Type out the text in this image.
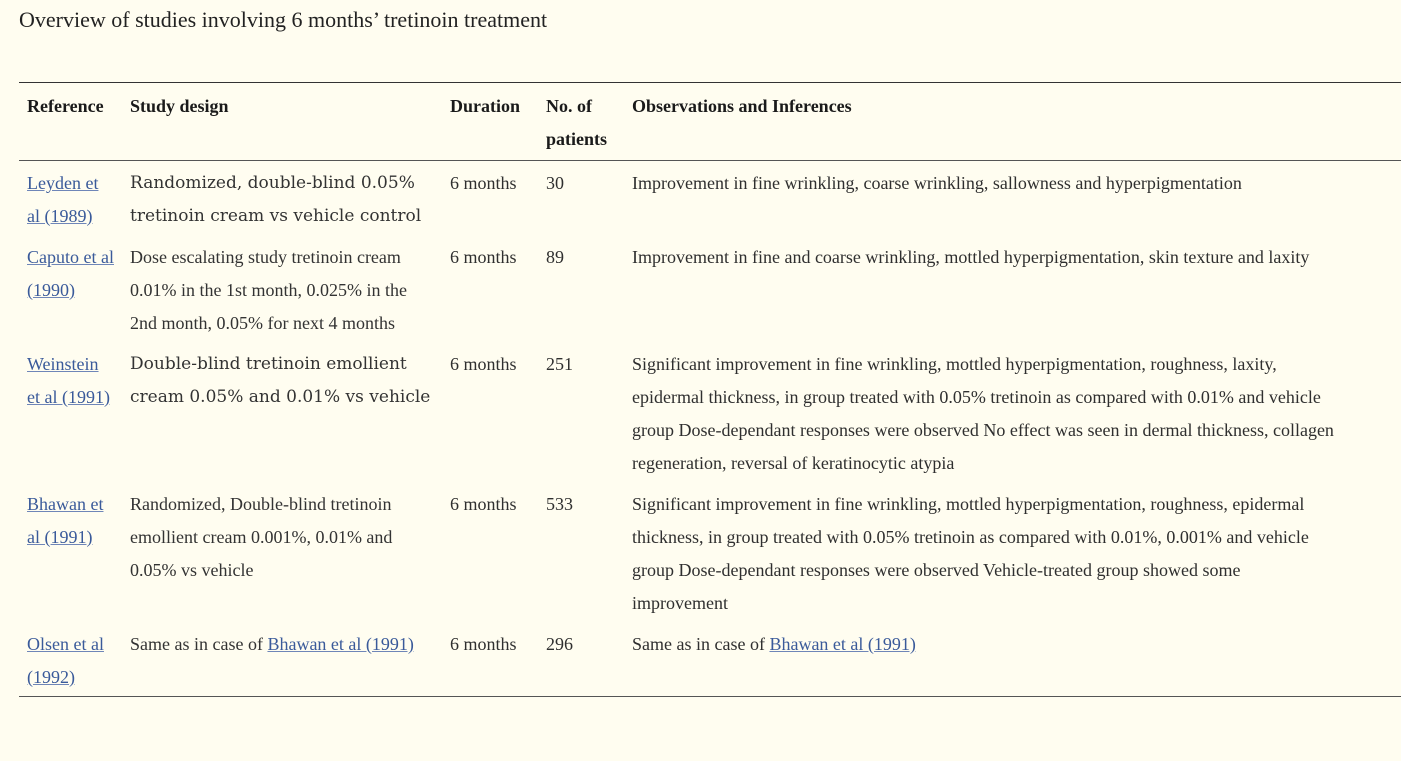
Overview of studies involving 6 months’ tretinoin treatment
Reference	Study design	Duration	No. of patients	Observations and Inferences
Leyden et al (1989)	Randomized, double-blind 0.05% tretinoin cream vs vehicle control	6 months	30	Improvement in fine wrinkling, coarse wrinkling, sallowness and hyperpigmentation
Caputo et al (1990)	Dose escalating study tretinoin cream 0.01% in the 1st month, 0.025% in the 2nd month, 0.05% for next 4 months	6 months	89	Improvement in fine and coarse wrinkling, mottled hyperpigmentation, skin texture and laxity
Weinstein et al (1991)	Double-blind tretinoin emollient cream 0.05% and 0.01% vs vehicle	6 months	251	Significant improvement in fine wrinkling, mottled hyperpigmentation, roughness, laxity,
epidermal thickness, in group treated with 0.05% tretinoin as compared with 0.01% and vehicle
group Dose-dependant responses were observed No effect was seen in dermal thickness, collagen
regeneration, reversal of keratinocytic atypia

Bhawan et al (1991)	Randomized, Double-blind tretinoin emollient cream 0.001%, 0.01% and 0.05% vs vehicle	6 months	533	Significant improvement in fine wrinkling, mottled hyperpigmentation, roughness, epidermal
thickness, in group treated with 0.05% tretinoin as compared with 0.01%, 0.001% and vehicle
group Dose-dependant responses were observed Vehicle-treated group showed some
improvement

Olsen et al (1992)	Same as in case of Bhawan et al (1991)	6 months	296	Same as in case of Bhawan et al (1991)
